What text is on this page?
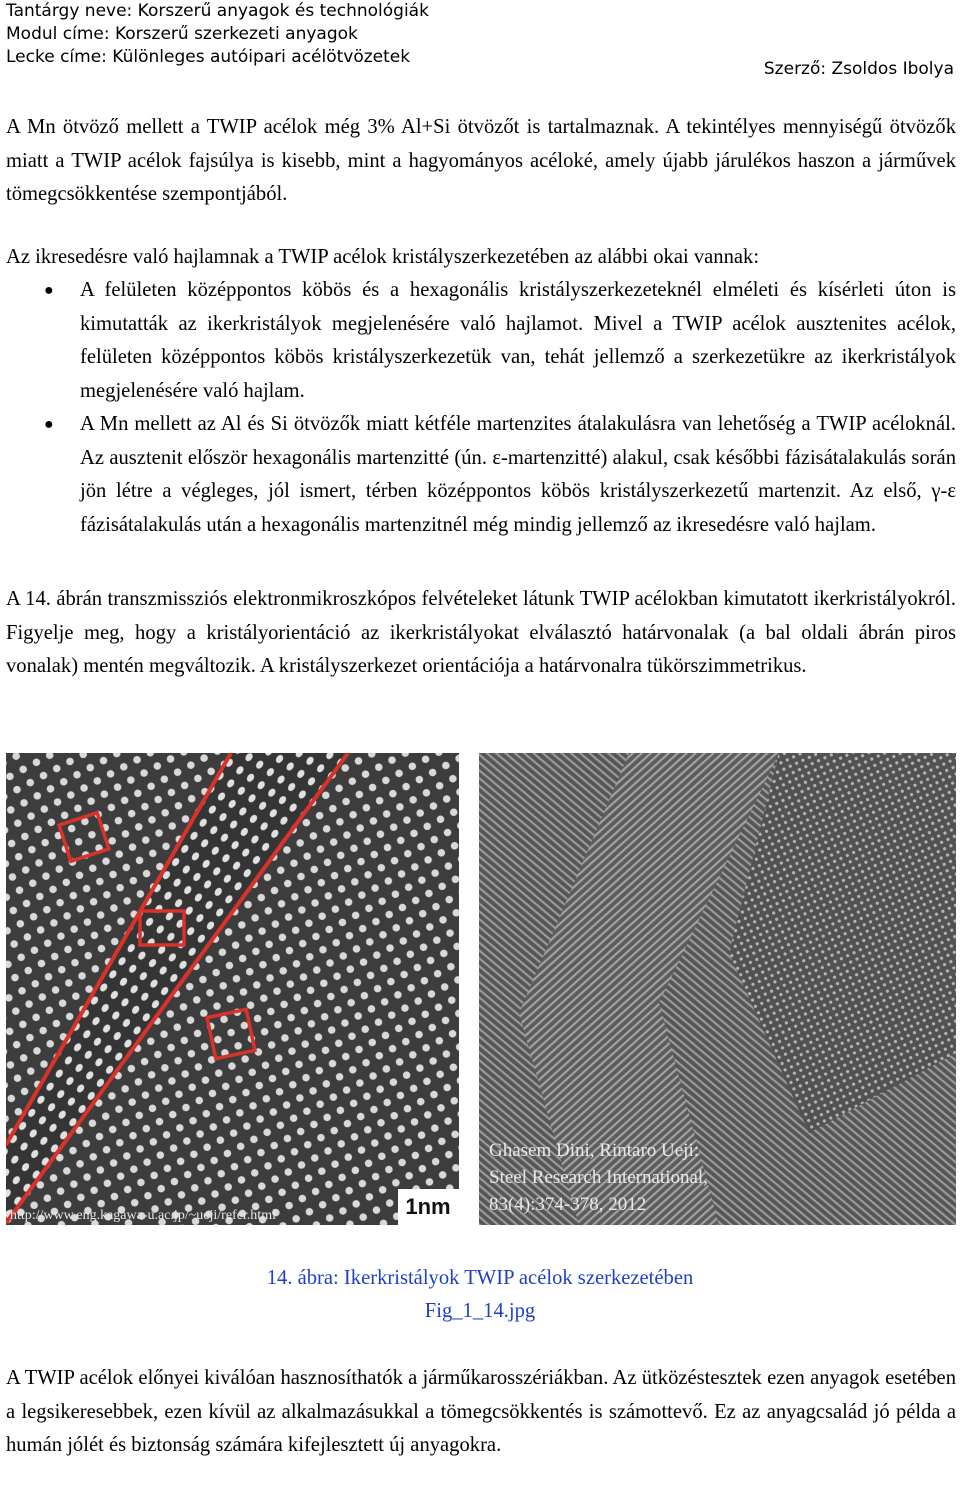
Tantárgy neve: Korszerű anyagok és technológiák
Modul címe: Korszerű szerkezeti anyagok
Lecke címe: Különleges autóipari acélötvözetek
Szerző: Zsoldos Ibolya
A Mn ötvöző mellett a TWIP acélok még 3% Al+Si ötvözőt is tartalmaznak. A tekintélyes mennyiségű ötvözők miatt a TWIP acélok fajsúlya is kisebb, mint a hagyományos acéloké, amely újabb járulékos haszon a járművek tömegcsökkentése szempontjából.
Az ikresedésre való hajlamnak a TWIP acélok kristályszerkezetében az alábbi okai vannak:
● A felületen középpontos köbös és a hexagonális kristályszerkezeteknél elméleti és kísérleti úton is kimutatták az ikerkristályok megjelenésére való hajlamot. Mivel a TWIP acélok ausztenites acélok, felületen középpontos köbös kristályszerkezetük van, tehát jellemző a szerkezetükre az ikerkristályok megjelenésére való hajlam.
● A Mn mellett az Al és Si ötvözők miatt kétféle martenzites átalakulásra van lehetőség a TWIP acéloknál. Az ausztenit először hexagonális martenzitté (ún. ε-martenzitté) alakul, csak későbbi fázisátalakulás során jön létre a végleges, jól ismert, térben középpontos köbös kristályszerkezetű martenzit. Az első, γ-ε fázisátalakulás után a hexagonális martenzitnél még mindig jellemző az ikresedésre való hajlam.
A 14. ábrán transzmissziós elektronmikroszkópos felvételeket látunk TWIP acélokban kimutatott ikerkristályokról. Figyelje meg, hogy a kristályorientáció az ikerkristályokat elválasztó határvonalak (a bal oldali ábrán piros vonalak) mentén megváltozik. A kristályszerkezet orientációja a határvonalra tükörszimmetrikus.
1nm
http://www.eng.kagawa-u.ac.jp/~ueji/refer.html
Ghasem Dini, Rintaro Ueji:
Steel Research International,
83(4):374-378, 2012
14. ábra: Ikerkristályok TWIP acélok szerkezetében
Fig_1_14.jpg
A TWIP acélok előnyei kiválóan hasznosíthatók a járműkarosszériákban. Az ütközéstesztek ezen anyagok esetében a legsikeresebbek, ezen kívül az alkalmazásukkal a tömegcsökkentés is számottevő. Ez az anyagcsalád jó példa a humán jólét és biztonság számára kifejlesztett új anyagokra.
